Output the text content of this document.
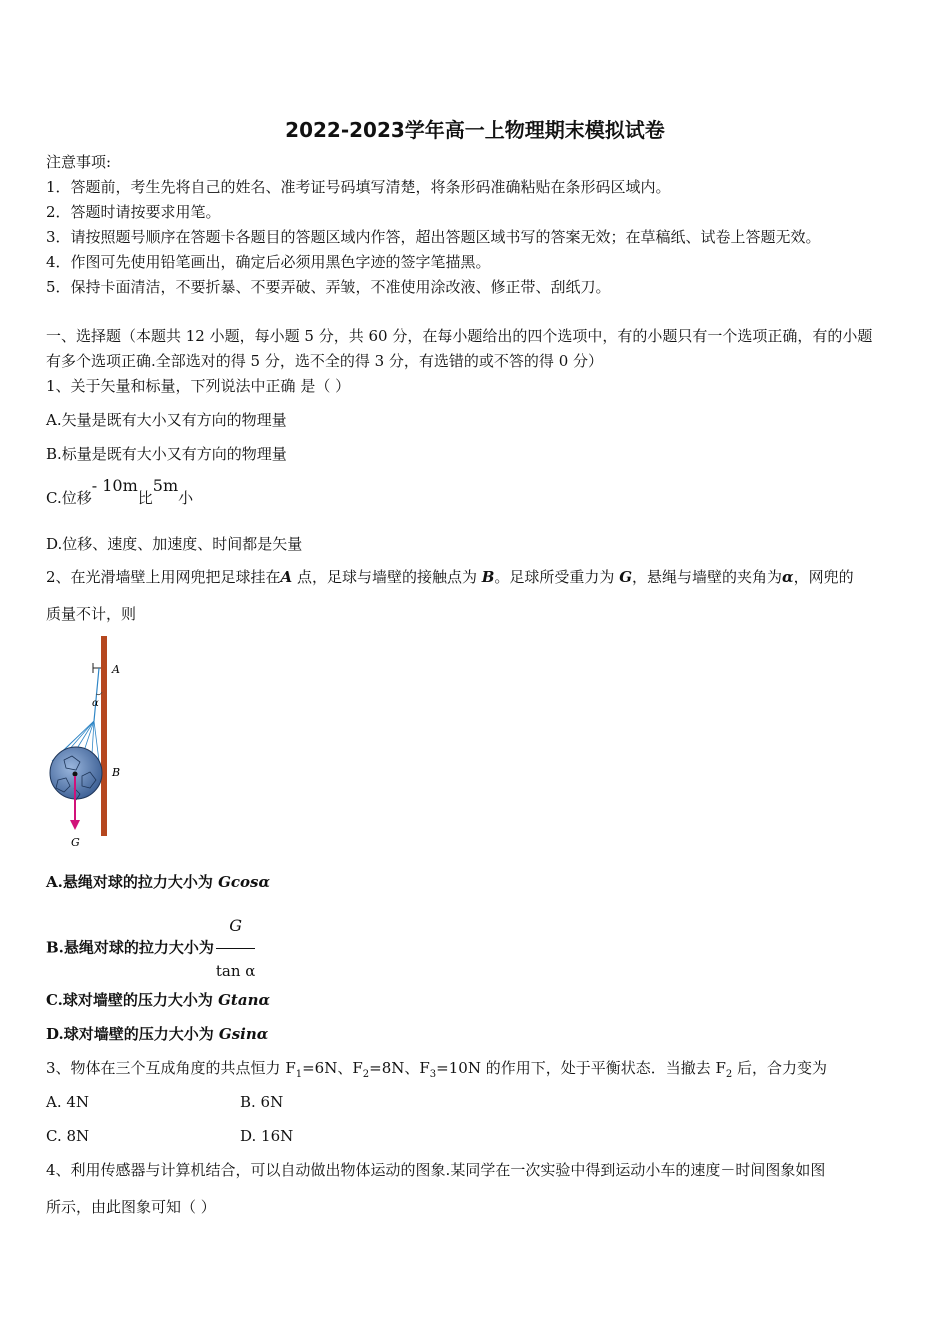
2022-2023学年高一上物理期末模拟试卷
注意事项:
1．答题前，考生先将自己的姓名、准考证号码填写清楚，将条形码准确粘贴在条形码区域内。
2．答题时请按要求用笔。
3．请按照题号顺序在答题卡各题目的答题区域内作答，超出答题区域书写的答案无效；在草稿纸、试卷上答题无效。
4．作图可先使用铅笔画出，确定后必须用黑色字迹的签字笔描黑。
5．保持卡面清洁，不要折暴、不要弄破、弄皱，不准使用涂改液、修正带、刮纸刀。
一、选择题（本题共 12 小题，每小题 5 分，共 60 分，在每小题给出的四个选项中，有的小题只有一个选项正确，有的小题
有多个选项正确.全部选对的得 5 分，选不全的得 3 分，有选错的或不答的得 0 分）
1、关于矢量和标量，下列说法中正确 是（ ）
A.矢量是既有大小又有方向的物理量
B.标量是既有大小又有方向的物理量
C.位移- 10m比5m小
D.位移、速度、加速度、时间都是矢量
2、在光滑墙壁上用网兜把足球挂在A 点，足球与墙壁的接触点为 B。足球所受重力为 G，悬绳与墙壁的夹角为α，网兜的
质量不计，则
A
α
B
G
A.悬绳对球的拉力大小为 Gcosα
B.悬绳对球的拉力大小为 $\frac{G}{\text{tan α}}$
C.球对墙壁的压力大小为 Gtanα
D.球对墙壁的压力大小为 Gsinα
3、物体在三个互成角度的共点恒力 $F_1=6N$、$F_2=8N$、$F_3=10N$ 的作用下，处于平衡状态．当撤去 $F_2$ 后，合力变为
A. 4N	B. 6N
C. 8N	D. 16N
4、利用传感器与计算机结合，可以自动做出物体运动的图象.某同学在一次实验中得到运动小车的速度－时间图象如图
所示，由此图象可知（ ）
